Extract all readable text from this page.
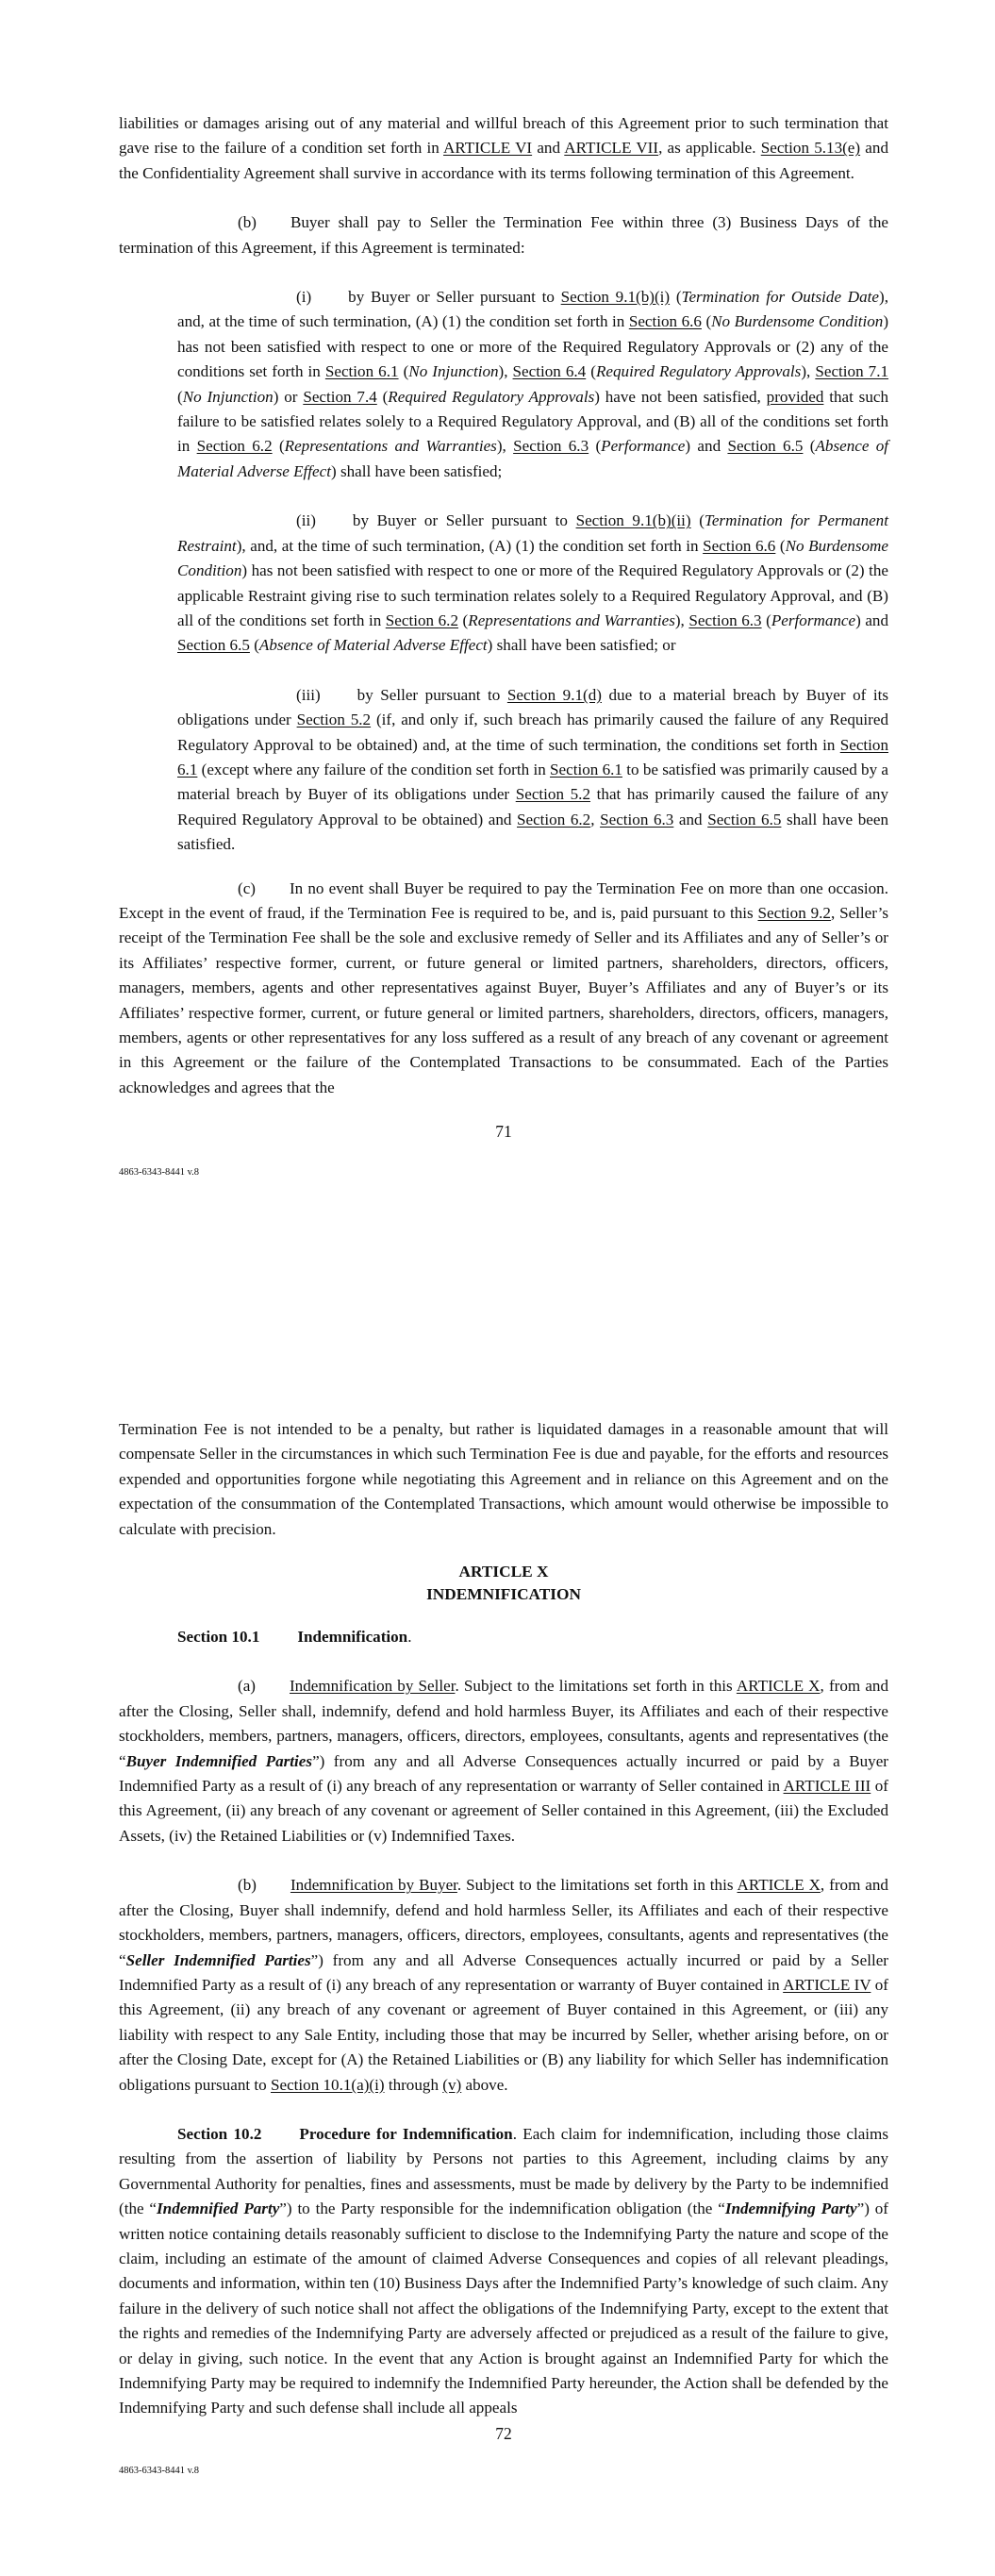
liabilities or damages arising out of any material and willful breach of this Agreement prior to such termination that gave rise to the failure of a condition set forth in ARTICLE VI and ARTICLE VII, as applicable. Section 5.13(e) and the Confidentiality Agreement shall survive in accordance with its terms following termination of this Agreement.

(b) Buyer shall pay to Seller the Termination Fee within three (3) Business Days of the termination of this Agreement, if this Agreement is terminated:

(i) by Buyer or Seller pursuant to Section 9.1(b)(i) (Termination for Outside Date), and, at the time of such termination, (A) (1) the condition set forth in Section 6.6 (No Burdensome Condition) has not been satisfied with respect to one or more of the Required Regulatory Approvals or (2) any of the conditions set forth in Section 6.1 (No Injunction), Section 6.4 (Required Regulatory Approvals), Section 7.1 (No Injunction) or Section 7.4 (Required Regulatory Approvals) have not been satisfied, provided that such failure to be satisfied relates solely to a Required Regulatory Approval, and (B) all of the conditions set forth in Section 6.2 (Representations and Warranties), Section 6.3 (Performance) and Section 6.5 (Absence of Material Adverse Effect) shall have been satisfied;

(ii) by Buyer or Seller pursuant to Section 9.1(b)(ii) (Termination for Permanent Restraint), and, at the time of such termination, (A) (1) the condition set forth in Section 6.6 (No Burdensome Condition) has not been satisfied with respect to one or more of the Required Regulatory Approvals or (2) the applicable Restraint giving rise to such termination relates solely to a Required Regulatory Approval, and (B) all of the conditions set forth in Section 6.2 (Representations and Warranties), Section 6.3 (Performance) and Section 6.5 (Absence of Material Adverse Effect) shall have been satisfied; or

(iii) by Seller pursuant to Section 9.1(d) due to a material breach by Buyer of its obligations under Section 5.2 (if, and only if, such breach has primarily caused the failure of any Required Regulatory Approval to be obtained) and, at the time of such termination, the conditions set forth in Section 6.1 (except where any failure of the condition set forth in Section 6.1 to be satisfied was primarily caused by a material breach by Buyer of its obligations under Section 5.2 that has primarily caused the failure of any Required Regulatory Approval to be obtained) and Section 6.2, Section 6.3 and Section 6.5 shall have been satisfied.

(c) In no event shall Buyer be required to pay the Termination Fee on more than one occasion. Except in the event of fraud, if the Termination Fee is required to be, and is, paid pursuant to this Section 9.2, Seller’s receipt of the Termination Fee shall be the sole and exclusive remedy of Seller and its Affiliates and any of Seller’s or its Affiliates’ respective former, current, or future general or limited partners, shareholders, directors, officers, managers, members, agents and other representatives against Buyer, Buyer’s Affiliates and any of Buyer’s or its Affiliates’ respective former, current, or future general or limited partners, shareholders, directors, officers, managers, members, agents or other representatives for any loss suffered as a result of any breach of any covenant or agreement in this Agreement or the failure of the Contemplated Transactions to be consummated. Each of the Parties acknowledges and agrees that the

71
4863-6343-8441 v.8

Termination Fee is not intended to be a penalty, but rather is liquidated damages in a reasonable amount that will compensate Seller in the circumstances in which such Termination Fee is due and payable, for the efforts and resources expended and opportunities forgone while negotiating this Agreement and in reliance on this Agreement and on the expectation of the consummation of the Contemplated Transactions, which amount would otherwise be impossible to calculate with precision.

ARTICLE X
INDEMNIFICATION

Section 10.1 Indemnification.

(a) Indemnification by Seller. Subject to the limitations set forth in this ARTICLE X, from and after the Closing, Seller shall, indemnify, defend and hold harmless Buyer, its Affiliates and each of their respective stockholders, members, partners, managers, officers, directors, employees, consultants, agents and representatives (the “Buyer Indemnified Parties”) from any and all Adverse Consequences actually incurred or paid by a Buyer Indemnified Party as a result of (i) any breach of any representation or warranty of Seller contained in ARTICLE III of this Agreement, (ii) any breach of any covenant or agreement of Seller contained in this Agreement, (iii) the Excluded Assets, (iv) the Retained Liabilities or (v) Indemnified Taxes.

(b) Indemnification by Buyer. Subject to the limitations set forth in this ARTICLE X, from and after the Closing, Buyer shall indemnify, defend and hold harmless Seller, its Affiliates and each of their respective stockholders, members, partners, managers, officers, directors, employees, consultants, agents and representatives (the “Seller Indemnified Parties”) from any and all Adverse Consequences actually incurred or paid by a Seller Indemnified Party as a result of (i) any breach of any representation or warranty of Buyer contained in ARTICLE IV of this Agreement, (ii) any breach of any covenant or agreement of Buyer contained in this Agreement, or (iii) any liability with respect to any Sale Entity, including those that may be incurred by Seller, whether arising before, on or after the Closing Date, except for (A) the Retained Liabilities or (B) any liability for which Seller has indemnification obligations pursuant to Section 10.1(a)(i) through (v) above.

Section 10.2 Procedure for Indemnification. Each claim for indemnification, including those claims resulting from the assertion of liability by Persons not parties to this Agreement, including claims by any Governmental Authority for penalties, fines and assessments, must be made by delivery by the Party to be indemnified (the “Indemnified Party”) to the Party responsible for the indemnification obligation (the “Indemnifying Party”) of written notice containing details reasonably sufficient to disclose to the Indemnifying Party the nature and scope of the claim, including an estimate of the amount of claimed Adverse Consequences and copies of all relevant pleadings, documents and information, within ten (10) Business Days after the Indemnified Party’s knowledge of such claim. Any failure in the delivery of such notice shall not affect the obligations of the Indemnifying Party, except to the extent that the rights and remedies of the Indemnifying Party are adversely affected or prejudiced as a result of the failure to give, or delay in giving, such notice. In the event that any Action is brought against an Indemnified Party for which the Indemnifying Party may be required to indemnify the Indemnified Party hereunder, the Action shall be defended by the Indemnifying Party and such defense shall include all appeals

72
4863-6343-8441 v.8
